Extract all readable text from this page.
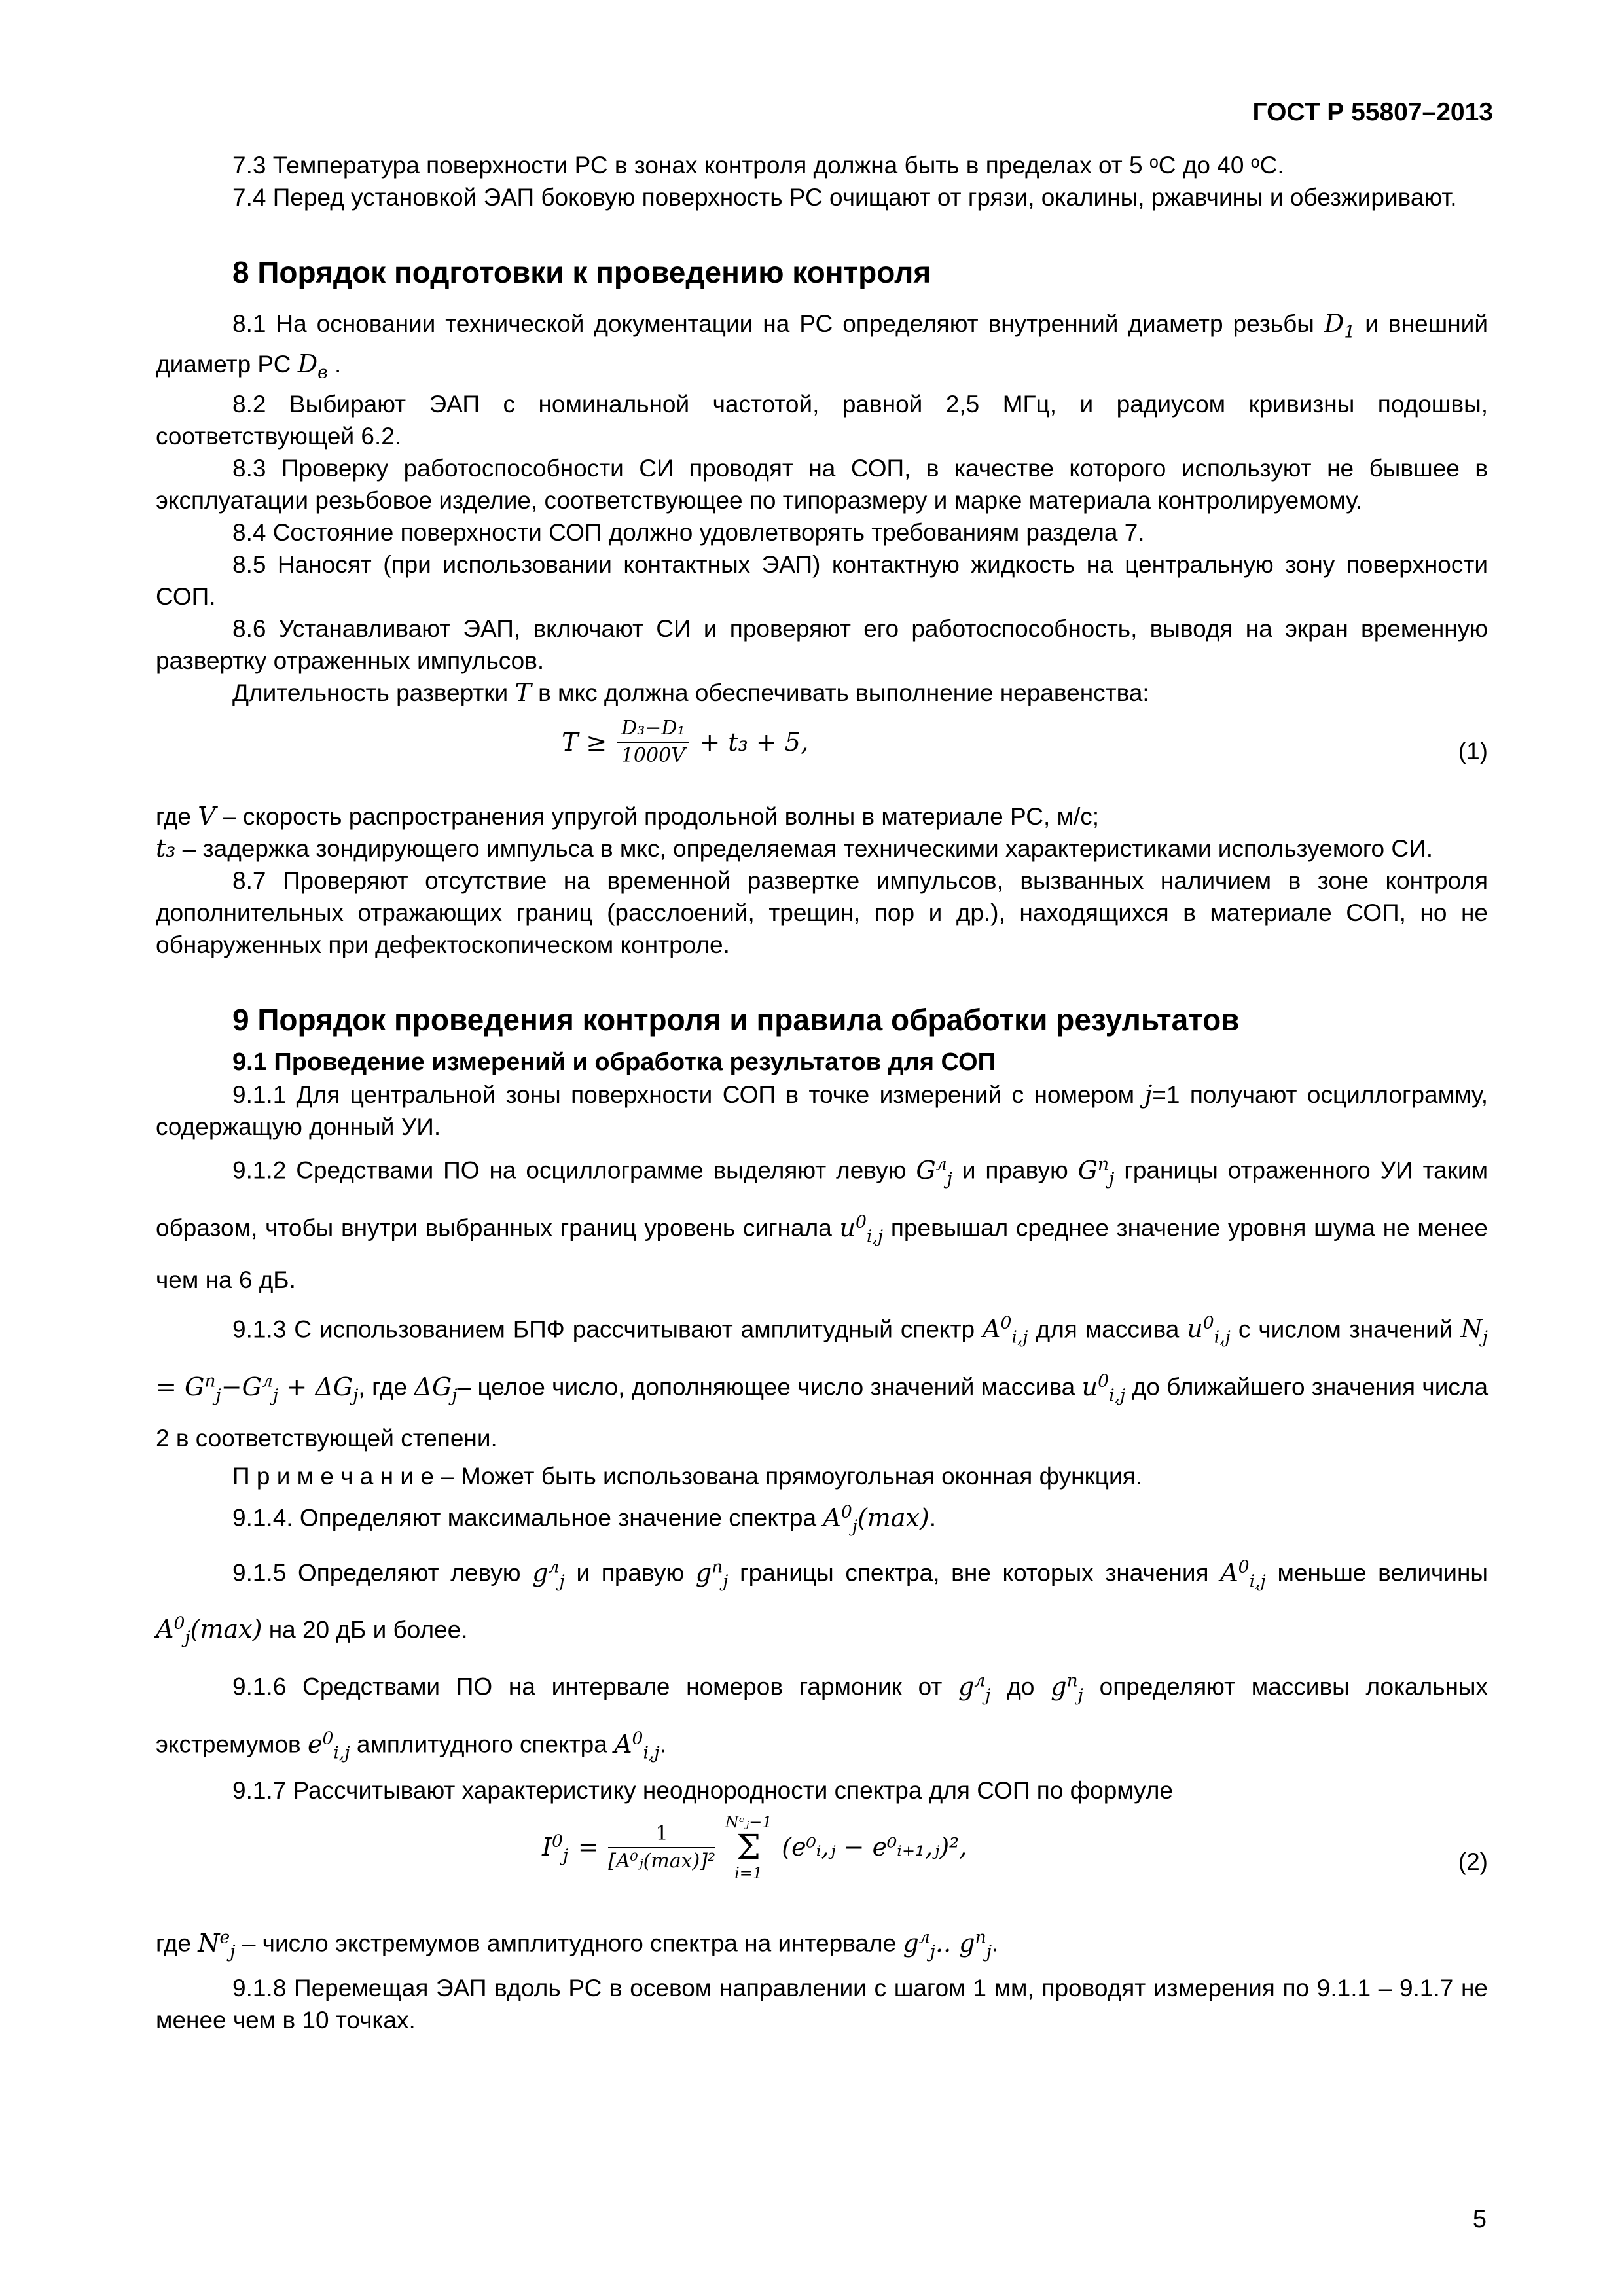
ГОСТ Р 55807–2013

7.3 Температура поверхности РС в зонах контроля должна быть в пределах от 5 ᵒС до 40 ᵒС.

7.4 Перед установкой ЭАП боковую поверхность РС очищают от грязи, окалины, ржавчины и обезжиривают.

8 Порядок подготовки к проведению контроля

8.1 На основании технической документации на РС определяют внутренний диаметр резьбы $D_1$ и внешний диаметр РС $D_в$ .

8.2 Выбирают ЭАП с номинальной частотой, равной 2,5 МГц, и радиусом кривизны подошвы, соответствующей 6.2.

8.3 Проверку работоспособности СИ проводят на СОП, в качестве которого используют не бывшее в эксплуатации резьбовое изделие, соответствующее по типоразмеру и марке материала контролируемому.

8.4 Состояние поверхности СОП должно удовлетворять требованиям раздела 7.

8.5 Наносят (при использовании контактных ЭАП) контактную жидкость на центральную зону поверхности СОП.

8.6 Устанавливают ЭАП, включают СИ и проверяют его работоспособность, выводя на экран временную развертку отраженных импульсов.

Длительность развертки T в мкс должна обеспечивать выполнение неравенства:

$T \ge \frac{\text{D₃−D₁}}{1000V} + t_3 + 5$,	(1)

где V – скорость распространения упругой продольной волны в материале РС, м/с;

t₃ – задержка зондирующего импульса в мкс, определяемая техническими характеристиками используемого СИ.

8.7 Проверяют отсутствие на временной развертке импульсов, вызванных наличием в зоне контроля дополнительных отражающих границ (расслоений, трещин, пор и др.), находящихся в материале СОП, но не обнаруженных при дефектоскопическом контроле.

9 Порядок проведения контроля и правила обработки результатов
9.1 Проведение измерений и обработка результатов для СОП

9.1.1 Для центральной зоны поверхности СОП в точке измерений с номером j=1 получают осциллограмму, содержащую донный УИ.

9.1.2 Средствами ПО на осциллограмме выделяют левую $G^л_j$ и правую $G^п_j$ границы отраженного УИ таким образом, чтобы внутри выбранных границ уровень сигнала $u^0_{i,j}$ превышал среднее значение уровня шума не менее чем на 6 дБ.

9.1.3 С использованием БПФ рассчитывают амплитудный спектр $A^0_{i,j}$ для массива $u^0_{i,j}$ с числом значений $N_j = G^п_j-G^л_j + \Delta G_j$, где $\Delta G_j-$ целое число, дополняющее число значений массива $u^0_{i,j}$ до ближайшего значения числа 2 в соответствующей степени.

П р и м е ч а н и е – Может быть использована прямоугольная оконная функция.

9.1.4. Определяют максимальное значение спектра $A^0_j(\max)$.

9.1.5 Определяют левую $g^л_j$ и правую $g^п_j$ границы спектра, вне которых значения $A^0_{i,j}$ меньше величины $A^0_j(\max)$ на 20 дБ и более.

9.1.6 Средствами ПО на интервале номеров гармоник от $g^л_j$ до $g^п_j$ определяют массивы локальных экстремумов $e^0_{i,j}$ амплитудного спектра $A^0_{i,j}$.

9.1.7 Рассчитывают характеристику неоднородности спектра для СОП по формуле

$I^0_j = \frac{1}{\text{[A⁰ⱼ(max)]²}}$
Nᵉⱼ−1
Σ
i=1
(e⁰ᵢ,ⱼ − e⁰ᵢ₊₁,ⱼ)²,
(2)

где $N^e_j$ – число экстремумов амплитудного спектра на интервале $g^л_j$.. $g^п_j$.

9.1.8 Перемещая ЭАП вдоль РС в осевом направлении с шагом 1 мм, проводят измерения по 9.1.1 – 9.1.7 не менее чем в 10 точках.

5
